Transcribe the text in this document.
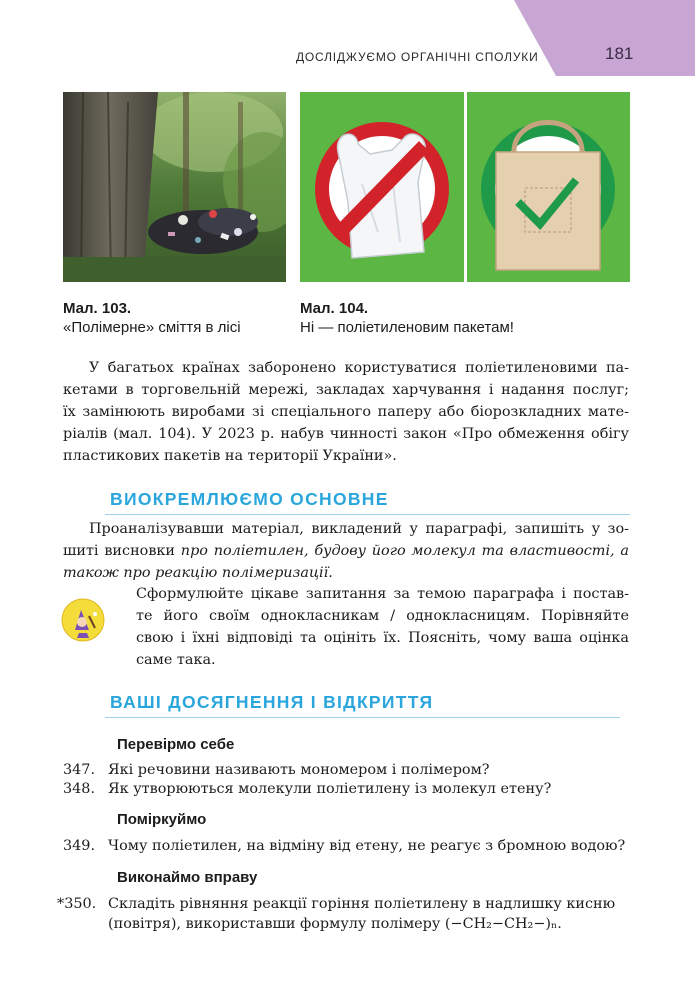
181
ДОСЛІДЖУЄМО ОРГАНІЧНІ СПОЛУКИ
Мал. 103.
«Полімерне» сміття в лісі
Мал. 104.
Ні — поліетиленовим пакетам!
У багатьох країнах заборонено користуватися поліетиленовими па-
кетами в торговельній мережі, закладах харчування і надання послуг;
їх замінюють виробами зі спеціального паперу або біорозкладних мате-
ріалів (мал. 104). У 2023 р. набув чинності закон «Про обмеження обігу
пластикових пакетів на території України».
ВИОКРЕМЛЮЄМО ОСНОВНЕ
Проаналізувавши матеріал, викладений у параграфі, запишіть у зо-
шиті висновки про поліетилен, будову його молекул та властивості, а
також про реакцію полімеризації.
Сформулюйте цікаве запитання за темою параграфа і постав-
те його своїм однокласникам / однокласницям. Порівняйте
свою і їхні відповіді та оцініть їх. Поясніть, чому ваша оцінка
саме така.
ВАШІ ДОСЯГНЕННЯ І ВІДКРИТТЯ
Перевірмо себе
347. Які речовини називають мономером і полімером?
348. Як утворюються молекули поліетилену із молекул етену?
Поміркуймо
349. Чому поліетилен, на відміну від етену, не реагує з бромною водою?
Виконаймо вправу
*350. Складіть рівняння реакції горіння поліетилену в надлишку кисню
(повітря), використавши формулу полімеру (−CH₂−CH₂−)ₙ.
